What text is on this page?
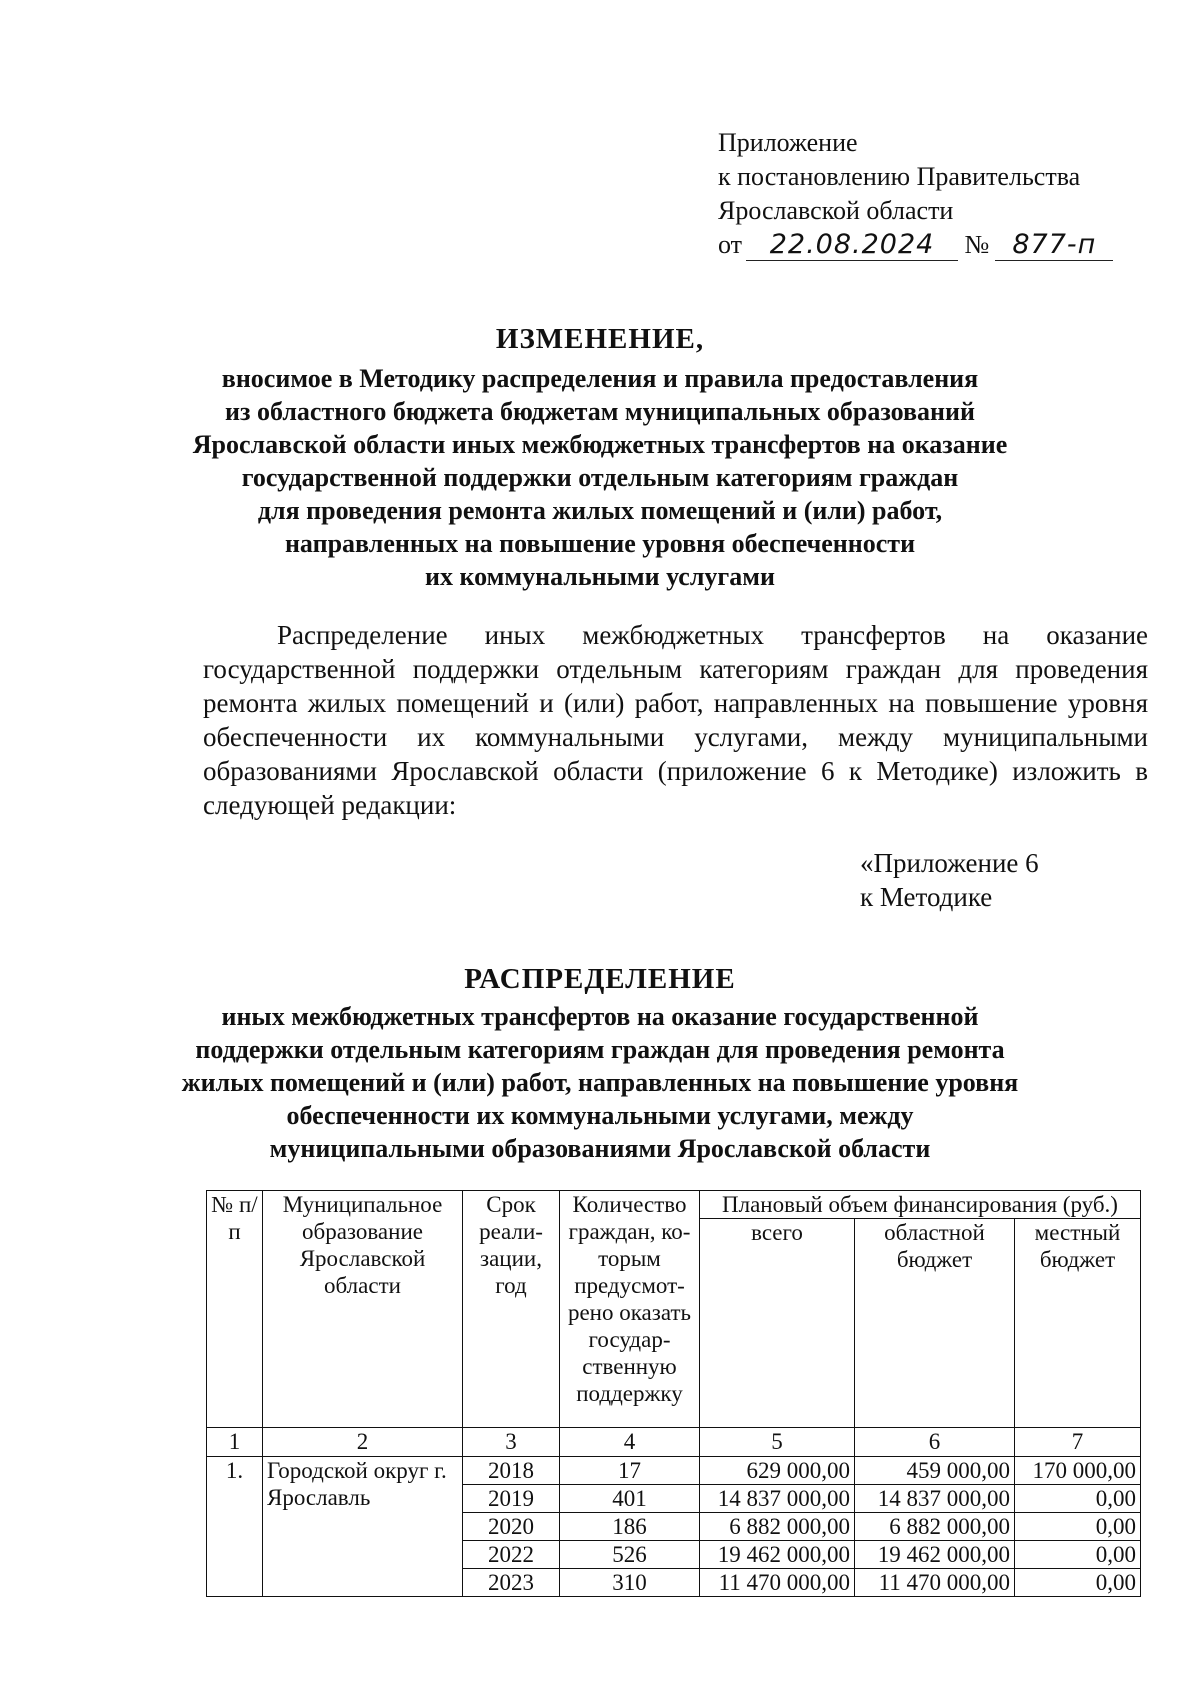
Приложение
к постановлению Правительства
Ярославской области
от 22.08.2024 № 877-п
ИЗМЕНЕНИЕ,
вносимое в Методику распределения и правила предоставления
из областного бюджета бюджетам муниципальных образований
Ярославской области иных межбюджетных трансфертов на оказание
государственной поддержки отдельным категориям граждан
для проведения ремонта жилых помещений и (или) работ,
направленных на повышение уровня обеспеченности
их коммунальными услугами
Распределение иных межбюджетных трансфертов на оказание государственной поддержки отдельным категориям граждан для проведения ремонта жилых помещений и (или) работ, направленных на повышение уровня обеспеченности их коммунальными услугами, между муниципальными образованиями Ярославской области (приложение 6 к Методике) изложить в следующей редакции:
«Приложение 6
к Методике
РАСПРЕДЕЛЕНИЕ
иных межбюджетных трансфертов на оказание государственной
поддержки отдельным категориям граждан для проведения ремонта
жилых помещений и (или) работ, направленных на повышение уровня
обеспеченности их коммунальными услугами, между
муниципальными образованиями Ярославской области
№ п/п	Муниципальное образование Ярославской области	Срок реали-зации, год	Количество граждан, ко-торым предусмот-рено оказать государ-ственную поддержку	Плановый объем финансирования (руб.)		
				всего	областной бюджет	местный бюджет
1	2	3	4	5	6	7
1.	Городской округ г. Ярославль	2018	17	629 000,00	459 000,00	170 000,00
		2019	401	14 837 000,00	14 837 000,00	0,00
		2020	186	6 882 000,00	6 882 000,00	0,00
		2022	526	19 462 000,00	19 462 000,00	0,00
		2023	310	11 470 000,00	11 470 000,00	0,00
